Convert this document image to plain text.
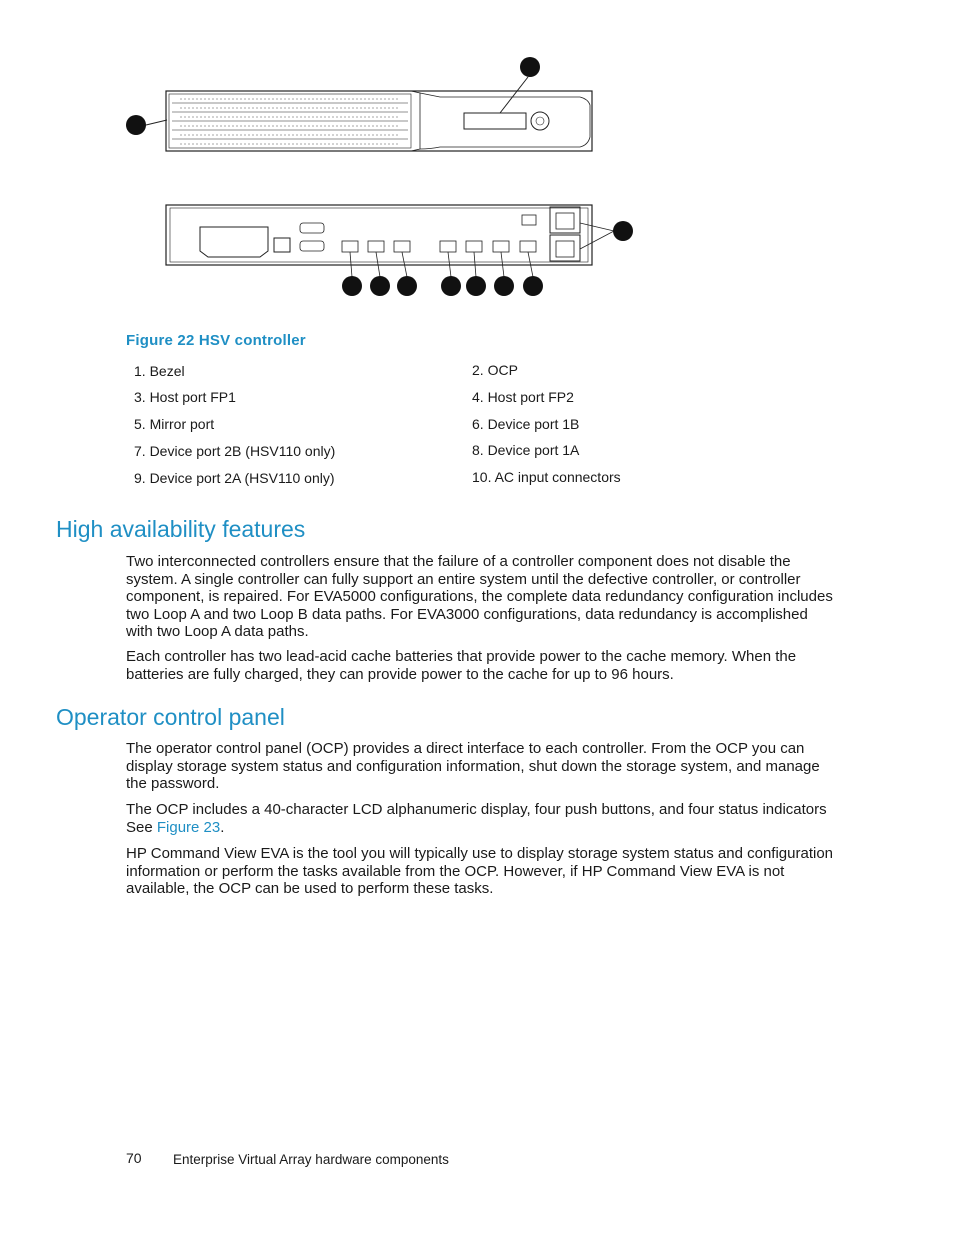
Figure 22 HSV controller
1. Bezel	2. OCP
3. Host port FP1	4. Host port FP2
5. Mirror port	6. Device port 1B
7. Device port 2B (HSV110 only)	8. Device port 1A
9. Device port 2A (HSV110 only)	10. AC input connectors
High availability features

Two interconnected controllers ensure that the failure of a controller component does not disable the system. A single controller can fully support an entire system until the defective controller, or controller component, is repaired. For EVA5000 configurations, the complete data redundancy configuration includes two Loop A and two Loop B data paths. For EVA3000 configurations, data redundancy is accomplished with two Loop A data paths.

Each controller has two lead-acid cache batteries that provide power to the cache memory. When the batteries are fully charged, they can provide power to the cache for up to 96 hours.

Operator control panel

The operator control panel (OCP) provides a direct interface to each controller. From the OCP you can display storage system status and configuration information, shut down the storage system, and manage the password.

The OCP includes a 40-character LCD alphanumeric display, four push buttons, and four status indicators See Figure 23.

HP Command View EVA is the tool you will typically use to display storage system status and configuration information or perform the tasks available from the OCP. However, if HP Command View EVA is not available, the OCP can be used to perform these tasks.

70 Enterprise Virtual Array hardware components
